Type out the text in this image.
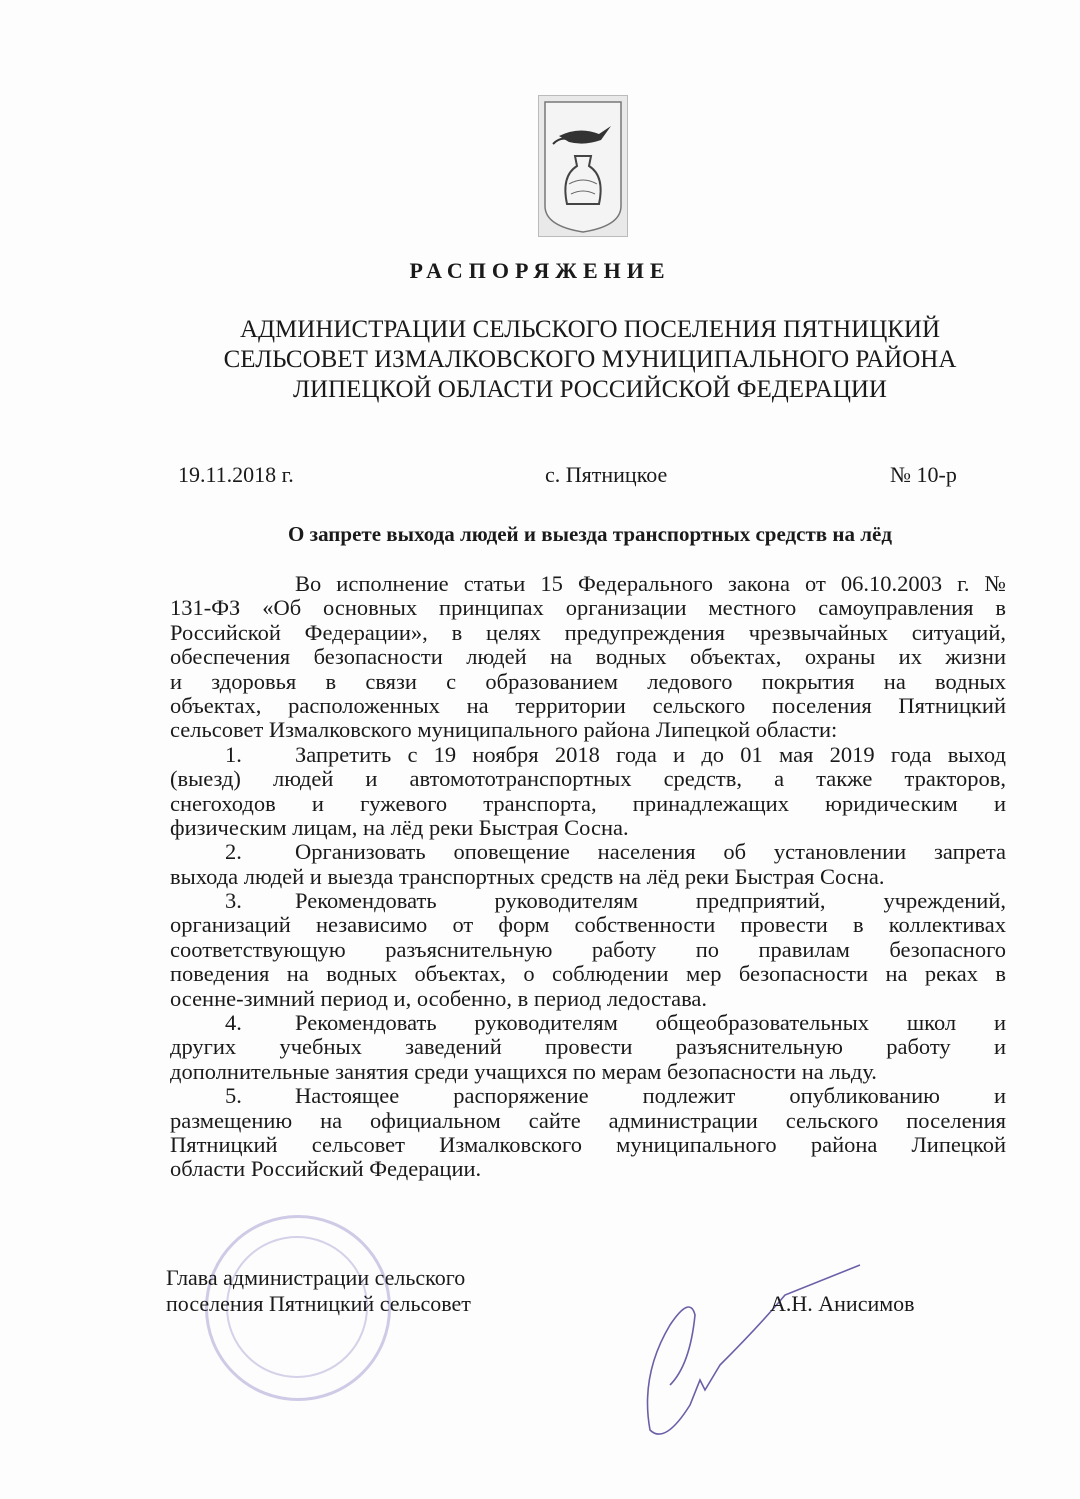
РАСПОРЯЖЕНИЕ
АДМИНИСТРАЦИИ СЕЛЬСКОГО ПОСЕЛЕНИЯ ПЯТНИЦКИЙ
СЕЛЬСОВЕТ ИЗМАЛКОВСКОГО МУНИЦИПАЛЬНОГО РАЙОНА
ЛИПЕЦКОЙ ОБЛАСТИ РОССИЙСКОЙ ФЕДЕРАЦИИ
19.11.2018 г.	с. Пятницкое	№ 10-р
О запрете выхода людей и выезда транспортных средств на лёд
Во исполнение статьи 15 Федерального закона от 06.10.2003 г. №
131-ФЗ «Об основных принципах организации местного самоуправления в
Российской Федерации», в целях предупреждения чрезвычайных ситуаций,
обеспечения безопасности людей на водных объектах, охраны их жизни
и здоровья в связи с образованием ледового покрытия на водных
объектах, расположенных на территории сельского поселения Пятницкий
сельсовет Измалковского муниципального района Липецкой области:
1.	Запретить с 19 ноября 2018 года и до 01 мая 2019 года выход
(выезд) людей и автомототранспортных средств, а также тракторов,
снегоходов и гужевого транспорта, принадлежащих юридическим и
физическим лицам, на лёд реки Быстрая Сосна.
2.	Организовать оповещение населения об установлении запрета
выхода людей и выезда транспортных средств на лёд реки Быстрая Сосна.
3.	Рекомендовать руководителям предприятий, учреждений,
организаций независимо от форм собственности провести в коллективах
соответствующую разъяснительную работу по правилам безопасного
поведения на водных объектах, о соблюдении мер безопасности на реках в
осенне-зимний период и, особенно, в период ледостава.
4.	Рекомендовать руководителям общеобразовательных школ и
других учебных заведений провести разъяснительную работу и
дополнительные занятия среди учащихся по мерам безопасности на льду.
5.	Настоящее распоряжение подлежит опубликованию и
размещению на официальном сайте администрации сельского поселения
Пятницкий сельсовет Измалковского муниципального района Липецкой
области Российский Федерации.
Глава администрации сельского
поселения Пятницкий сельсовет	А.Н. Анисимов
